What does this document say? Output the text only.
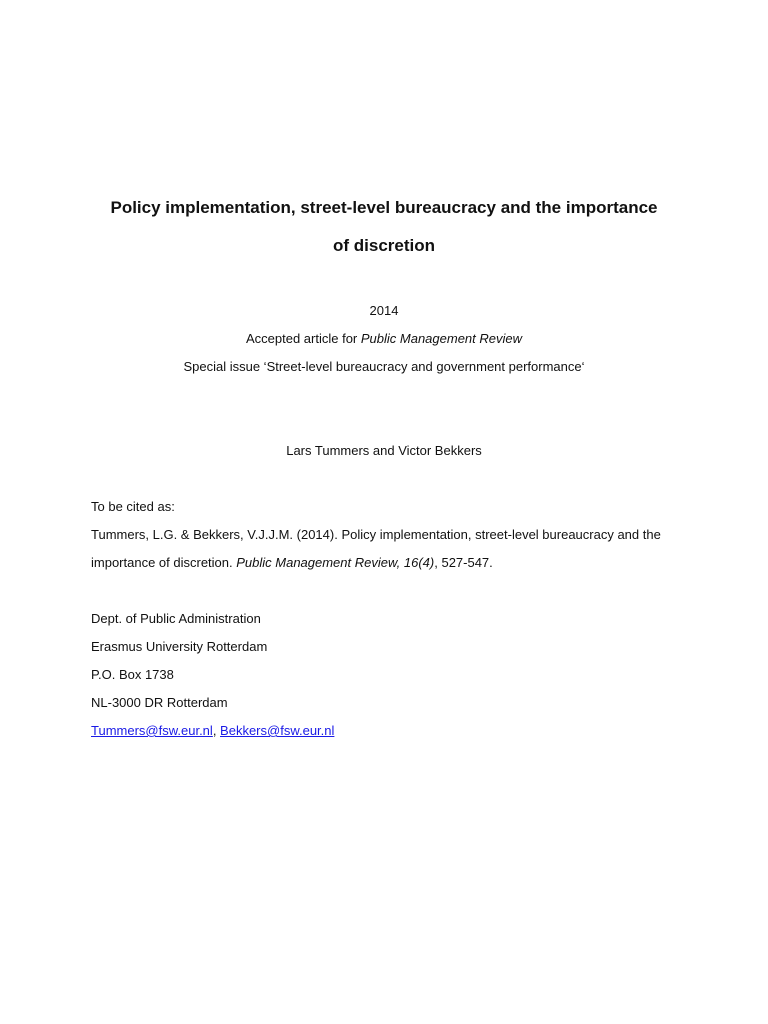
Policy implementation, street-level bureaucracy and the importance
of discretion
2014
Accepted article for Public Management Review
Special issue ‘Street-level bureaucracy and government performance‘
Lars Tummers and Victor Bekkers
To be cited as:
Tummers, L.G. & Bekkers, V.J.J.M. (2014). Policy implementation, street-level bureaucracy and the
importance of discretion. Public Management Review, 16(4), 527-547.
Dept. of Public Administration
Erasmus University Rotterdam
P.O. Box 1738
NL-3000 DR Rotterdam
Tummers@fsw.eur.nl, Bekkers@fsw.eur.nl
